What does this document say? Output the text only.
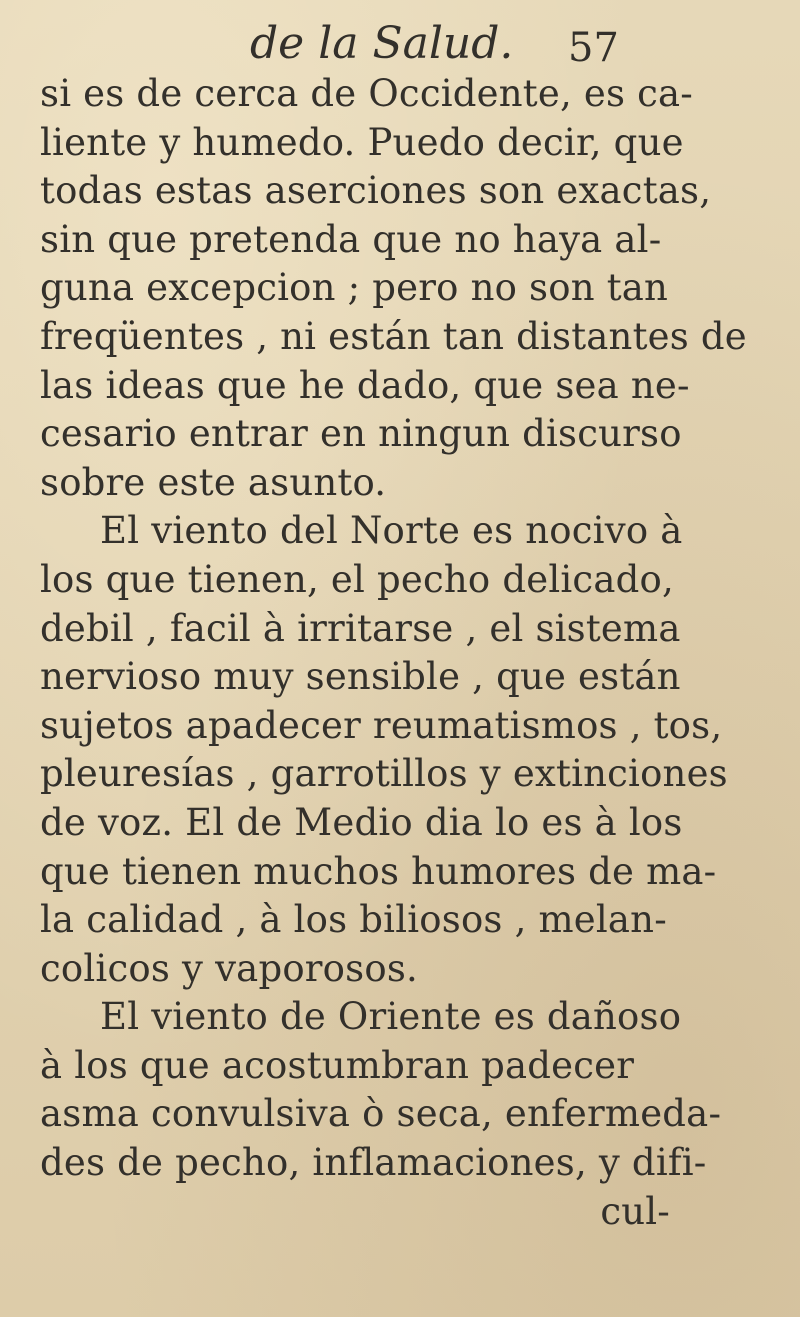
de la Salud. 57
si es de cerca de Occidente, es ca-
liente y humedo. Puedo decir, que
todas estas aserciones son exactas,
sin que pretenda que no haya al-
guna excepcion ; pero no son tan
freqüentes , ni están tan distantes de
las ideas que he dado, que sea ne-
cesario entrar en ningun discurso
sobre este asunto.
El viento del Norte es nocivo à
los que tienen, el pecho delicado,
debil , facil à irritarse , el sistema
nervioso muy sensible , que están
sujetos apadecer reumatismos , tos,
pleuresías , garrotillos y extinciones
de voz. El de Medio dia lo es à los
que tienen muchos humores de ma-
la calidad , à los biliosos , melan-
colicos y vaporosos.
El viento de Oriente es dañoso
à los que acostumbran padecer
asma convulsiva ò seca, enfermeda-
des de pecho, inflamaciones, y difi-
cul-
